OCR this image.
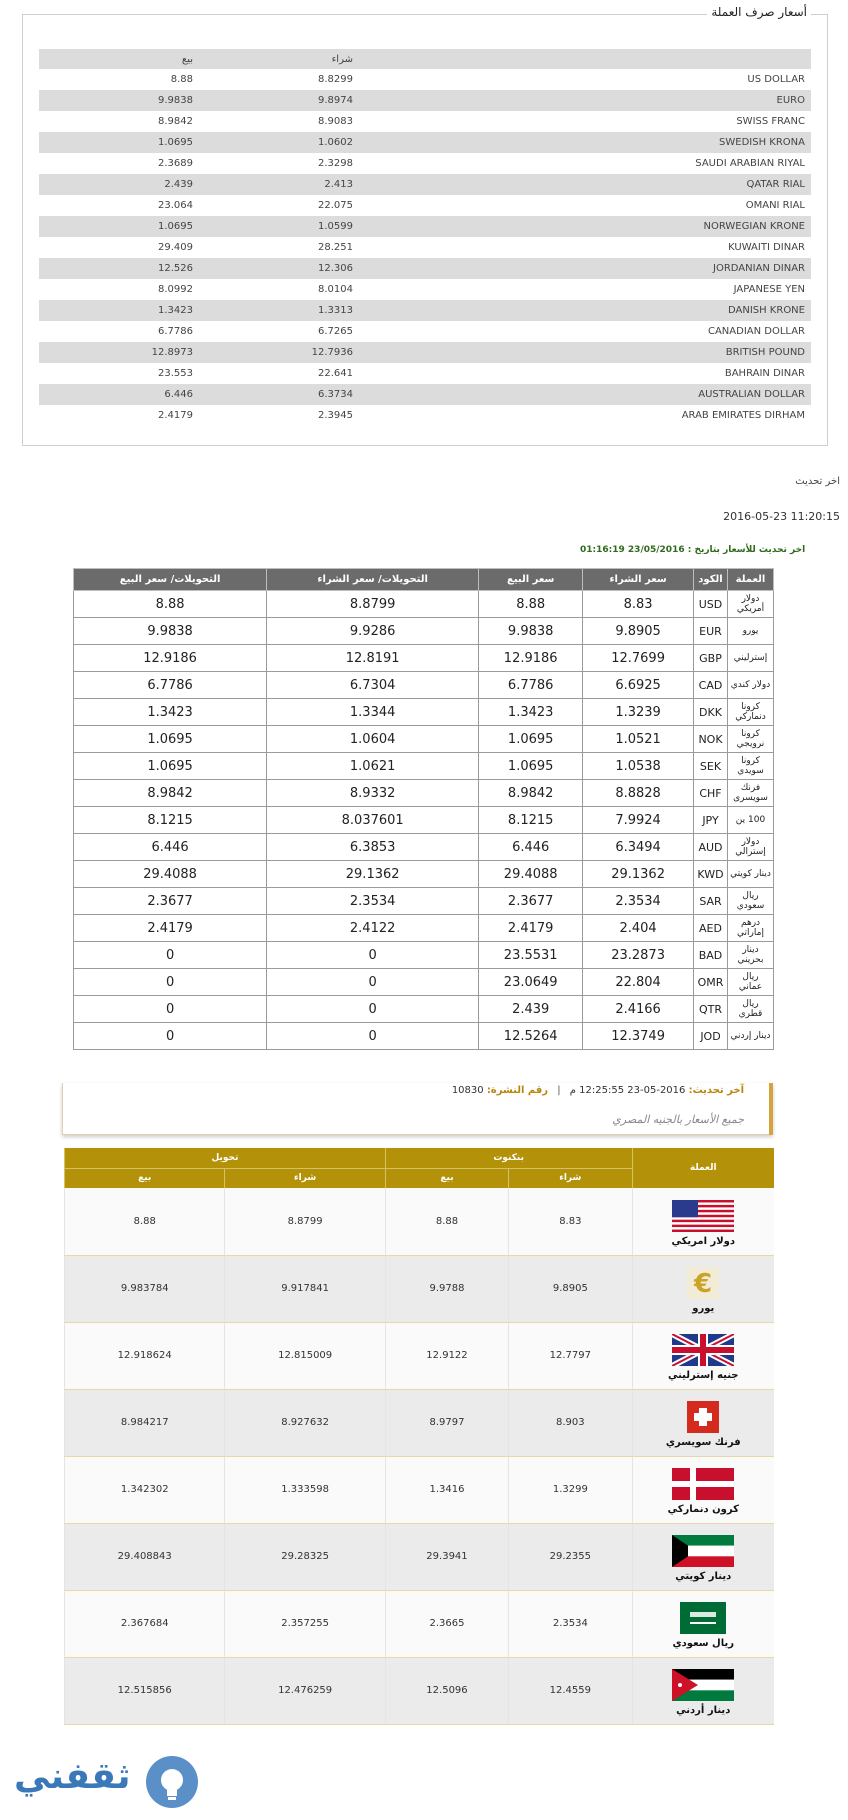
أسعار صرف العملة
بيع	شراء	
8.88	8.8299	US DOLLAR
9.9838	9.8974	EURO
8.9842	8.9083	SWISS FRANC
1.0695	1.0602	SWEDISH KRONA
2.3689	2.3298	SAUDI ARABIAN RIYAL
2.439	2.413	QATAR RIAL
23.064	22.075	OMANI RIAL
1.0695	1.0599	NORWEGIAN KRONE
29.409	28.251	KUWAITI DINAR
12.526	12.306	JORDANIAN DINAR
8.0992	8.0104	JAPANESE YEN
1.3423	1.3313	DANISH KRONE
6.7786	6.7265	CANADIAN DOLLAR
12.8973	12.7936	BRITISH POUND
23.553	22.641	BAHRAIN DINAR
6.446	6.3734	AUSTRALIAN DOLLAR
2.4179	2.3945	ARAB EMIRATES DIRHAM
اخر تحديث
2016-05-23 11:20:15
اخر تحديث للأسعار بتاريخ : 23/05/2016 01:16:19
العملة	الكود	سعر الشراء	سعر البيع	التحويلات/ سعر الشراء	التحويلات/ سعر البيع
دولار أمريكي	USD	8.83	8.88	8.8799	8.88
يورو	EUR	9.8905	9.9838	9.9286	9.9838
إسترليني	GBP	12.7699	12.9186	12.8191	12.9186
دولار كندي	CAD	6.6925	6.7786	6.7304	6.7786
كرونا دنماركي	DKK	1.3239	1.3423	1.3344	1.3423
كرونا نرويجي	NOK	1.0521	1.0695	1.0604	1.0695
كرونا سويدي	SEK	1.0538	1.0695	1.0621	1.0695
فرنك سويسرى	CHF	8.8828	8.9842	8.9332	8.9842
100 ين	JPY	7.9924	8.1215	8.037601	8.1215
دولار إسترالي	AUD	6.3494	6.446	6.3853	6.446
دينار كويتي	KWD	29.1362	29.4088	29.1362	29.4088
ريال سعودي	SAR	2.3534	2.3677	2.3534	2.3677
درهم إماراتي	AED	2.404	2.4179	2.4122	2.4179
دينار بحريني	BAD	23.2873	23.5531	0	0
ريال عماني	OMR	22.804	23.0649	0	0
ريال قطري	QTR	2.4166	2.439	0	0
دينار إردني	JOD	12.3749	12.5264	0	0
آخر تحديث: 2016-05-23 12:25:55 م | رقم النشرة: 10830
جميع الأسعار بالجنيه المصري
العملة	بنكنوت		تحويل	
	شراء	بيع	شراء	بيع

دولار امريكي	8.83	8.88	8.8799	8.88

€
يورو	9.8905	9.9788	9.917841	9.983784

جنيه إسترليني	12.7797	12.9122	12.815009	12.918624

فرنك سويسري	8.903	8.9797	8.927632	8.984217

كرون دنماركي	1.3299	1.3416	1.333598	1.342302

دينار كويتي	29.2355	29.3941	29.28325	29.408843

ريال سعودي	2.3534	2.3665	2.357255	2.367684

دينار أردني	12.4559	12.5096	12.476259	12.515856
ثقفني
